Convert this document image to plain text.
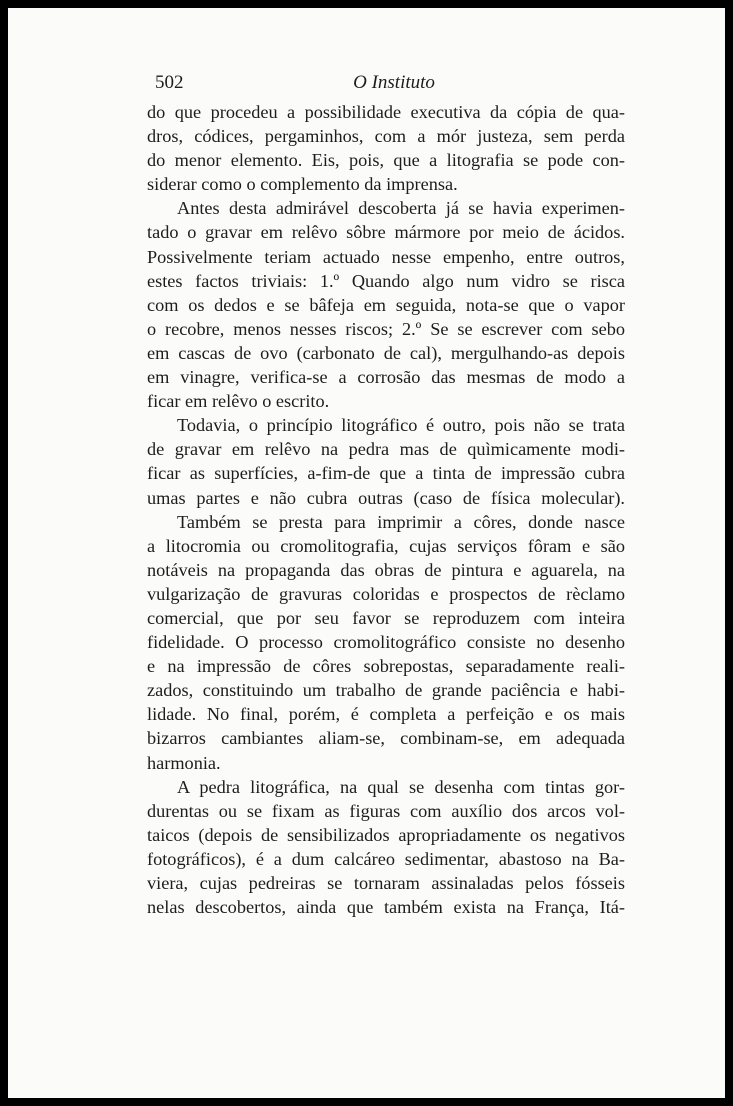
502	O Instituto

do que procedeu a possibilidade executiva da cópia de qua-
dros, códices, pergaminhos, com a mór justeza, sem perda
do menor elemento. Eis, pois, que a litografia se pode con-
siderar como o complemento da imprensa.

Antes desta admirável descoberta já se havia experimen-
tado o gravar em relêvo sôbre mármore por meio de ácidos.
Possivelmente teriam actuado nesse empenho, entre outros,
estes factos triviais: 1.º Quando algo num vidro se risca
com os dedos e se bâfeja em seguida, nota-se que o vapor
o recobre, menos nesses riscos; 2.º Se se escrever com sebo
em cascas de ovo (carbonato de cal), mergulhando-as depois
em vinagre, verifica-se a corrosão das mesmas de modo a
ficar em relêvo o escrito.

Todavia, o princípio litográfico é outro, pois não se trata
de gravar em relêvo na pedra mas de quìmicamente modi-
ficar as superfícies, a-fim-de que a tinta de impressão cubra
umas partes e não cubra outras (caso de física molecular).

Também se presta para imprimir a côres, donde nasce
a litocromia ou cromolitografia, cujas serviços fôram e são
notáveis na propaganda das obras de pintura e aguarela, na
vulgarização de gravuras coloridas e prospectos de rèclamo
comercial, que por seu favor se reproduzem com inteira
fidelidade. O processo cromolitográfico consiste no desenho
e na impressão de côres sobrepostas, separadamente reali-
zados, constituindo um trabalho de grande paciência e habi-
lidade. No final, porém, é completa a perfeição e os mais
bizarros cambiantes aliam-se, combinam-se, em adequada
harmonia.

A pedra litográfica, na qual se desenha com tintas gor-
durentas ou se fixam as figuras com auxílio dos arcos vol-
taicos (depois de sensibilizados apropriadamente os negativos
fotográficos), é a dum calcáreo sedimentar, abastoso na Ba-
viera, cujas pedreiras se tornaram assinaladas pelos fósseis
nelas descobertos, ainda que também exista na França, Itá-
